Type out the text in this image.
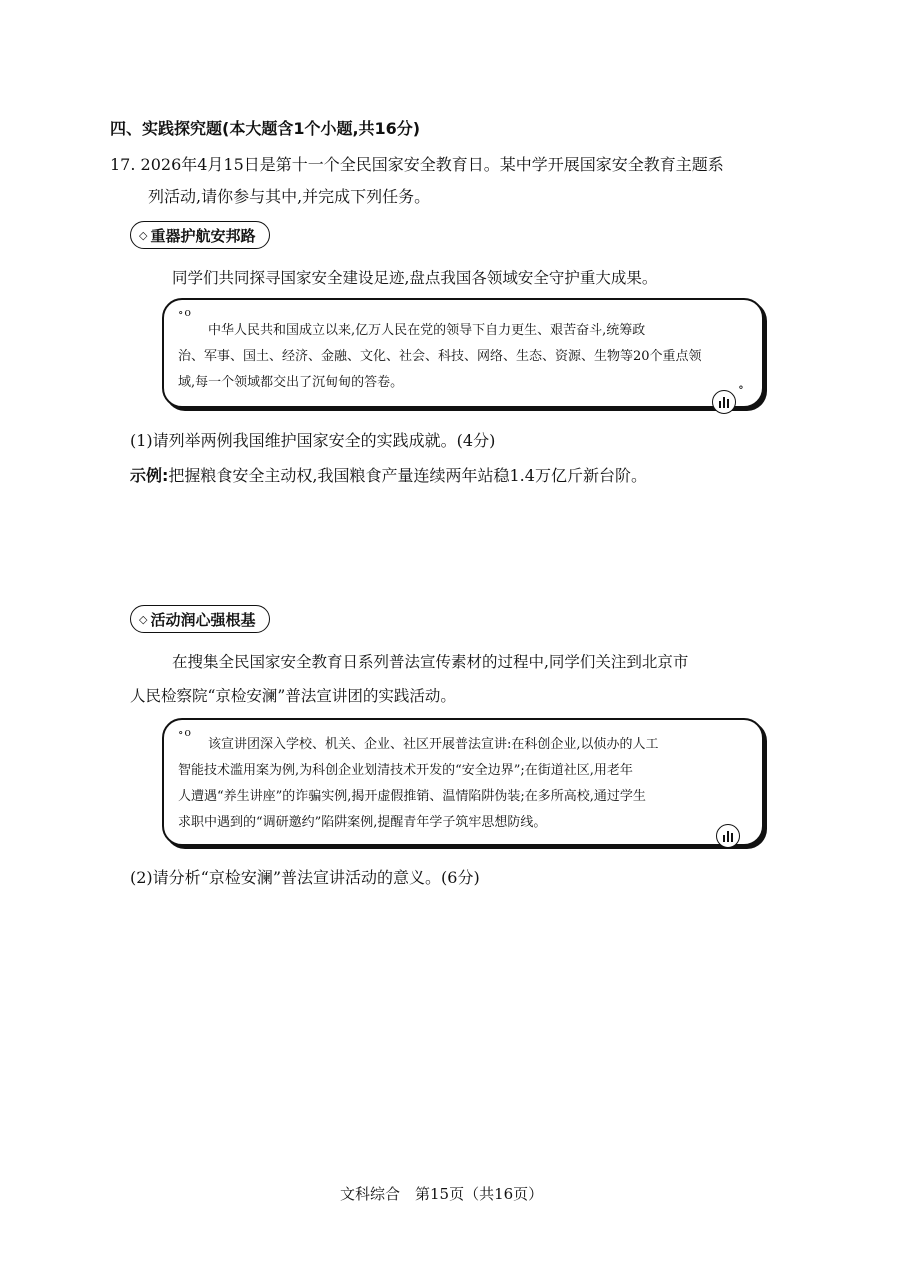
四、实践探究题(本大题含1个小题,共16分)
17. 2026年4月15日是第十一个全民国家安全教育日。某中学开展国家安全教育主题系
列活动,请你参与其中,并完成下列任务。
◇ 重器护航安邦路
同学们共同探寻国家安全建设足迹,盘点我国各领域安全守护重大成果。
∘o
中华人民共和国成立以来,亿万人民在党的领导下自力更生、艰苦奋斗,统筹政
治、军事、国土、经济、金融、文化、社会、科技、网络、生态、资源、生物等20个重点领
域,每一个领域都交出了沉甸甸的答卷。	∘
(1)请列举两例我国维护国家安全的实践成就。(4分)
示例:把握粮食安全主动权,我国粮食产量连续两年站稳1.4万亿斤新台阶。
◇ 活动润心强根基
在搜集全民国家安全教育日系列普法宣传素材的过程中,同学们关注到北京市
人民检察院“京检安澜”普法宣讲团的实践活动。
∘o
该宣讲团深入学校、机关、企业、社区开展普法宣讲:在科创企业,以侦办的人工
智能技术滥用案为例,为科创企业划清技术开发的“安全边界”;在街道社区,用老年
人遭遇“养生讲座”的诈骗实例,揭开虚假推销、温情陷阱伪装;在多所高校,通过学生
求职中遇到的“调研邀约”陷阱案例,提醒青年学子筑牢思想防线。
(2)请分析“京检安澜”普法宣讲活动的意义。(6分)
文科综合　第15页（共16页）
